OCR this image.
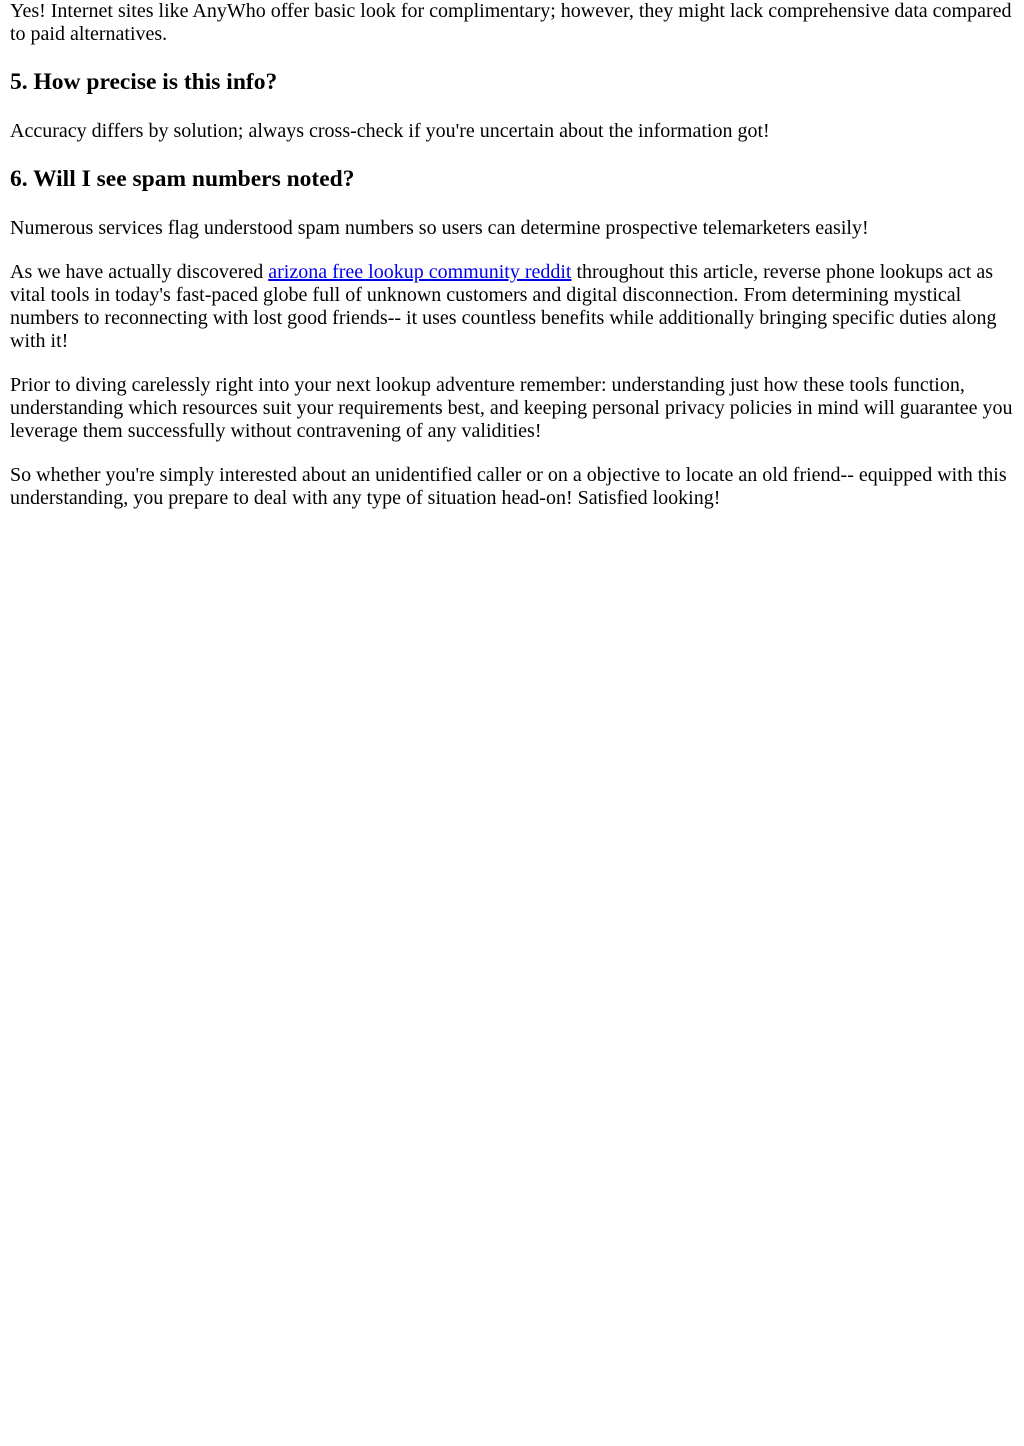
Yes! Internet sites like AnyWho offer basic look for complimentary; however, they might lack comprehensive data compared to paid alternatives.

5. How precise is this info?

Accuracy differs by solution; always cross-check if you're uncertain about the information got!

6. Will I see spam numbers noted?

Numerous services flag understood spam numbers so users can determine prospective telemarketers easily!

As we have actually discovered arizona free lookup community reddit throughout this article, reverse phone lookups act as vital tools in today's fast-paced globe full of unknown customers and digital disconnection. From determining mystical numbers to reconnecting with lost good friends-- it uses countless benefits while additionally bringing specific duties along with it!

Prior to diving carelessly right into your next lookup adventure remember: understanding just how these tools function, understanding which resources suit your requirements best, and keeping personal privacy policies in mind will guarantee you leverage them successfully without contravening of any validities!

So whether you're simply interested about an unidentified caller or on a objective to locate an old friend-- equipped with this understanding, you prepare to deal with any type of situation head-on! Satisfied looking!
